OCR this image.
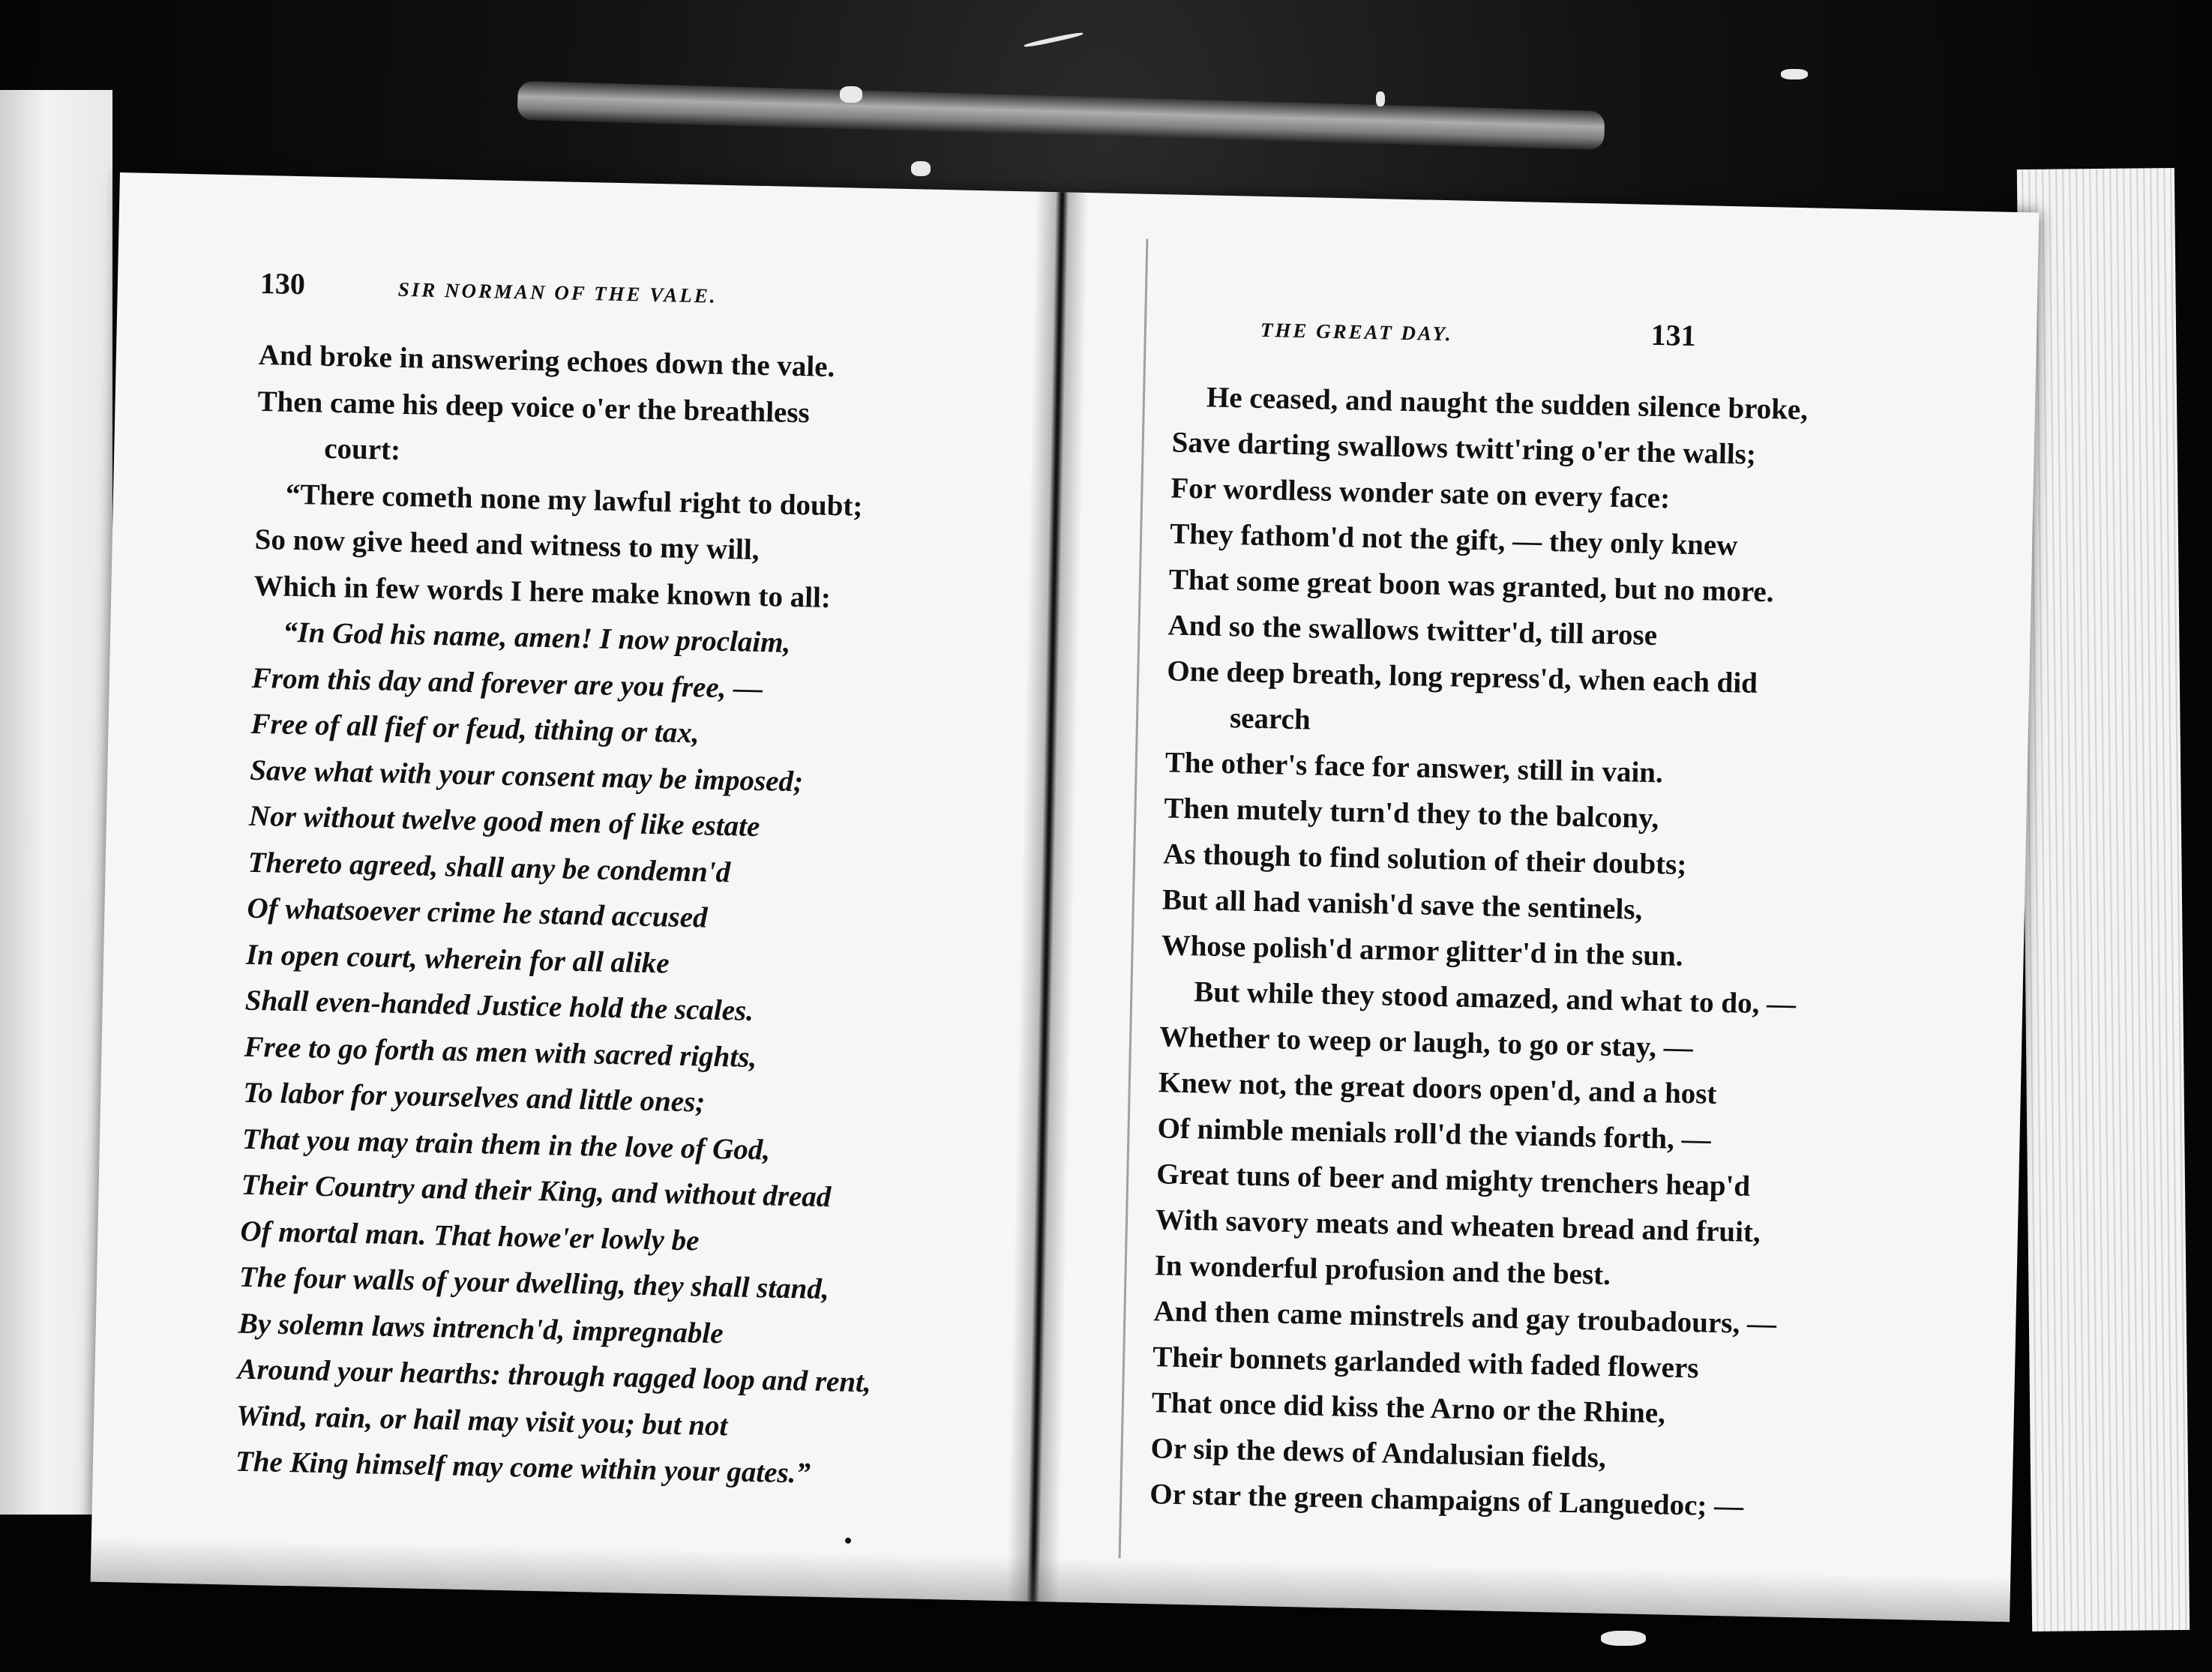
130	SIR NORMAN OF THE VALE.
And broke in answering echoes down the vale.
Then came his deep voice o'er the breathless
court:
“There cometh none my lawful right to doubt;
So now give heed and witness to my will,
Which in few words I here make known to all:
“In God his name, amen! I now proclaim,
From this day and forever are you free, —
Free of all fief or feud, tithing or tax,
Save what with your consent may be imposed;
Nor without twelve good men of like estate
Thereto agreed, shall any be condemn'd
Of whatsoever crime he stand accused
In open court, wherein for all alike
Shall even-handed Justice hold the scales.
Free to go forth as men with sacred rights,
To labor for yourselves and little ones;
That you may train them in the love of God,
Their Country and their King, and without dread
Of mortal man. That howe'er lowly be
The four walls of your dwelling, they shall stand,
By solemn laws intrench'd, impregnable
Around your hearths: through ragged loop and rent,
Wind, rain, or hail may visit you; but not
The King himself may come within your gates.”
THE GREAT DAY.	131
He ceased, and naught the sudden silence broke,
Save darting swallows twitt'ring o'er the walls;
For wordless wonder sate on every face:
They fathom'd not the gift, — they only knew
That some great boon was granted, but no more.
And so the swallows twitter'd, till arose
One deep breath, long repress'd, when each did
search
The other's face for answer, still in vain.
Then mutely turn'd they to the balcony,
As though to find solution of their doubts;
But all had vanish'd save the sentinels,
Whose polish'd armor glitter'd in the sun.
But while they stood amazed, and what to do, —
Whether to weep or laugh, to go or stay, —
Knew not, the great doors open'd, and a host
Of nimble menials roll'd the viands forth, —
Great tuns of beer and mighty trenchers heap'd
With savory meats and wheaten bread and fruit,
In wonderful profusion and the best.
And then came minstrels and gay troubadours, —
Their bonnets garlanded with faded flowers
That once did kiss the Arno or the Rhine,
Or sip the dews of Andalusian fields,
Or star the green champaigns of Languedoc; —
